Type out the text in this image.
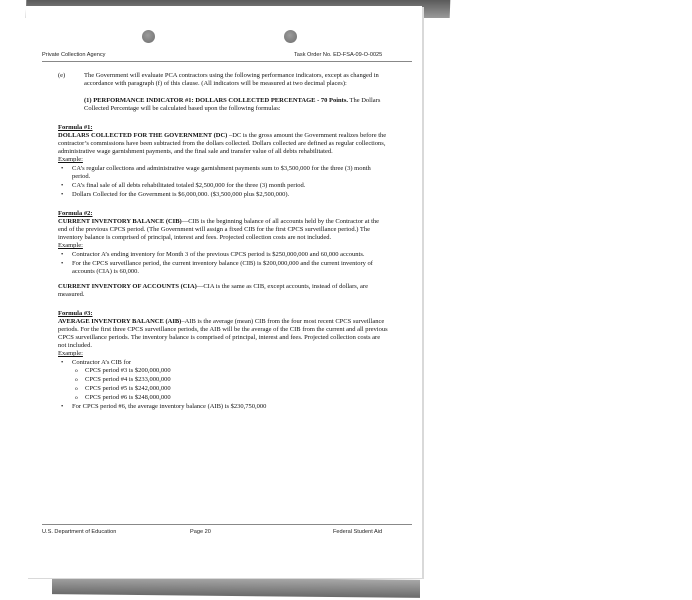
Private Collection Agency	Task Order No. ED-FSA-09-O-0025
U.S. Department of Education	Page 20	Federal Student Aid

(e)	The Government will evaluate PCA contractors using the following performance indicators, except as changed in accordance with paragraph (f) of this clause. (All indicators will be measured at two decimal places):

(1) PERFORMANCE INDICATOR #1: DOLLARS COLLECTED PERCENTAGE - 70 Points. The Dollars Collected Percentage will be calculated based upon the following formulas:

Formula #1:

DOLLARS COLLECTED FOR THE GOVERNMENT (DC) –DC is the gross amount the Government realizes before the contractor’s commissions have been subtracted from the dollars collected. Dollars collected are defined as regular collections, administrative wage garnishment payments, and the final sale and transfer value of all debts rehabilitated.

Example:

• CA’s regular collections and administrative wage garnishment payments sum to $3,500,000 for the three (3) month period.
• CA’s final sale of all debts rehabilitated totaled $2,500,000 for the three (3) month period.
• Dollars Collected for the Government is $6,000,000. ($3,500,000 plus $2,500,000).

Formula #2:

CURRENT INVENTORY BALANCE (CIB)—CIB is the beginning balance of all accounts held by the Contractor at the end of the previous CPCS period. (The Government will assign a fixed CIB for the first CPCS surveillance period.) The inventory balance is comprised of principal, interest and fees. Projected collection costs are not included.

Example:

• Contractor A’s ending inventory for Month 3 of the previous CPCS period is $250,000,000 and 60,000 accounts.
• For the CPCS surveillance period, the current inventory balance (CIB) is $200,000,000 and the current inventory of accounts (CIA) is 60,000.

CURRENT INVENTORY OF ACCOUNTS (CIA)—CIA is the same as CIB, except accounts, instead of dollars, are measured.

Formula #3:

AVERAGE INVENTORY BALANCE (AIB)–AIB is the average (mean) CIB from the four most recent CPCS surveillance periods. For the first three CPCS surveillance periods, the AIB will be the average of the CIB from the current and all previous CPCS surveillance periods. The inventory balance is comprised of principal, interest and fees. Projected collection costs are not included.

Example:

• Contractor A’s CIB for
o CPCS period #3 is $200,000,000
o CPCS period #4 is $233,000,000
o CPCS period #5 is $242,000,000
o CPCS period #6 is $248,000,000
• For CPCS period #6, the average inventory balance (AIB) is $230,750,000
